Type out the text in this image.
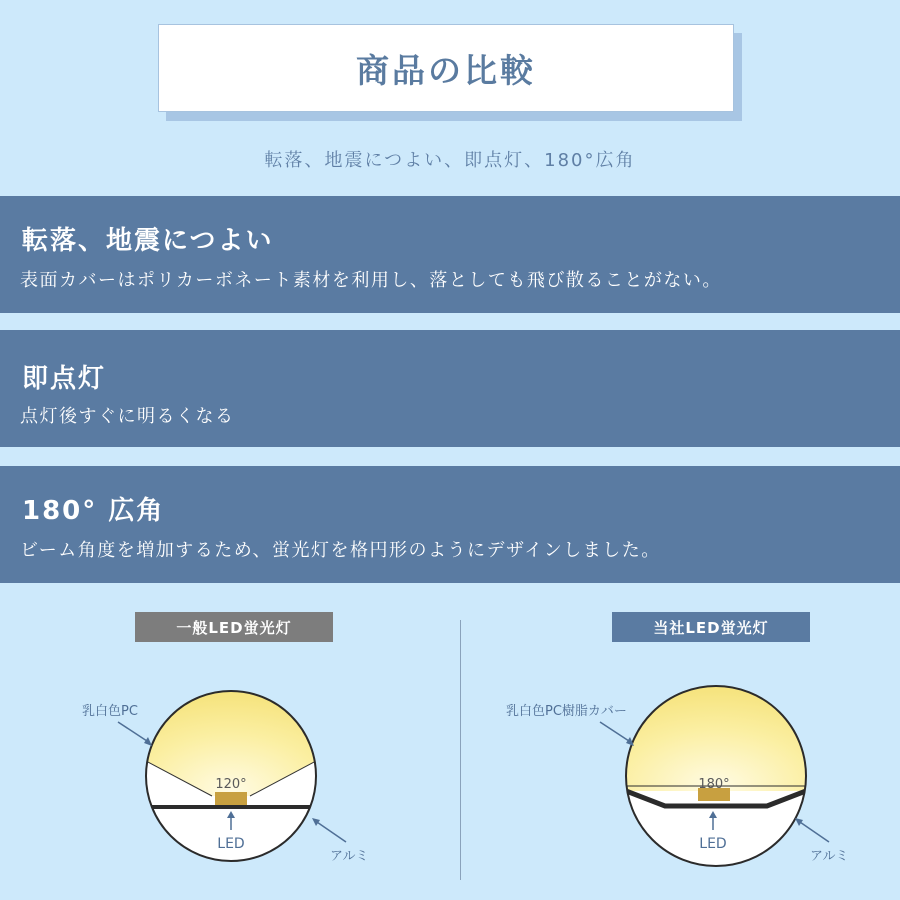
商品の比較
転落、地震につよい、即点灯、180°広角
転落、地震につよい
表面カバーはポリカーボネート素材を利用し、落としても飛び散ることがない。
即点灯
点灯後すぐに明るくなる
180° 広角
ビーム角度を増加するため、蛍光灯を格円形のようにデザインしました。
一般LED蛍光灯	当社LED蛍光灯
120°
LED
乳白色PC
アルミ
180°
LED
乳白色PC樹脂カバー
アルミ
